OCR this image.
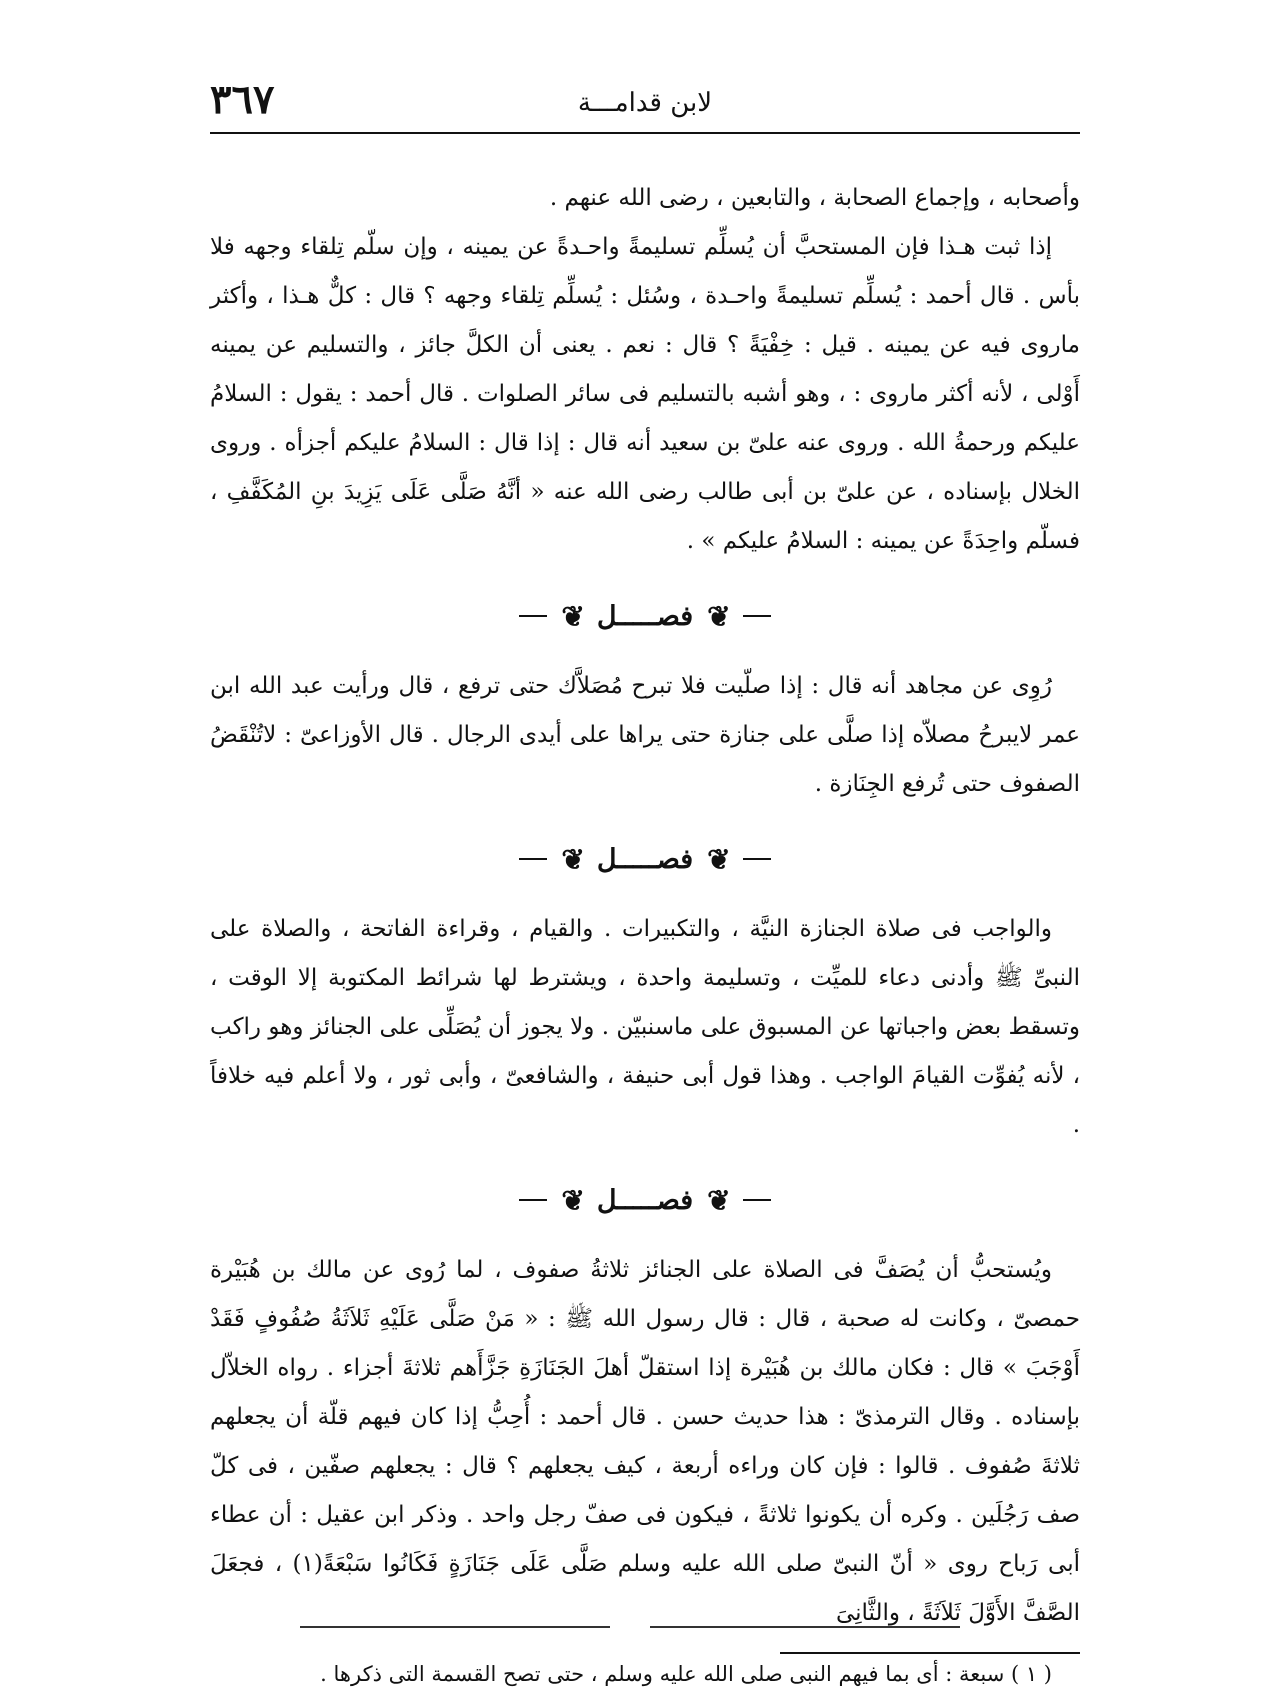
لابن قدامـــة
٣٦٧

وأصحابه ، وإجماع الصحابة ، والتابعين ، رضى الله عنهم .

إذا ثبت هـذا فإن المستحبَّ أن يُسلِّم تسليمةً واحـدةً عن يمينه ، وإن سلّم تِلقاء وجهه فلا بأس . قال أحمد : يُسلِّم تسليمةً واحـدة ، وسُئل : يُسلِّم تِلقاء وجهه ؟ قال : كلٌّ هـذا ، وأكثر ماروى فيه عن يمينه . قيل : خِفْيَةً ؟ قال : نعم . يعنى أن الكلَّ جائز ، والتسليم عن يمينه أَوْلى ، لأنه أكثر ماروى : ، وهو أشبه بالتسليم فى سائر الصلوات . قال أحمد : يقول : السلامُ عليكم ورحمةُ الله . وروى عنه علىّ بن سعيد أنه قال : إذا قال : السلامُ عليكم أجزأه . وروى الخلال بإسناده ، عن علىّ بن أبى طالب رضى الله عنه « أنَّهُ صَلَّى عَلَى يَزِيدَ بنِ المُكَفَّفِ ، فسلّم واحِدَةً عن يمينه : السلامُ عليكم » .

❦
فصـــــل
❦

رُوِى عن مجاهد أنه قال : إذا صلّيت فلا تبرح مُصَلاَّك حتى ترفع ، قال ورأيت عبد الله ابن عمر لايبرحُ مصلاّه إذا صلَّى على جنازة حتى يراها على أيدى الرجال . قال الأوزاعىّ : لاتُنْقَضُ الصفوف حتى تُرفع الجِنَازة .

❦
فصـــــل
❦

والواجب فى صلاة الجنازة النيَّة ، والتكبيرات . والقيام ، وقراءة الفاتحة ، والصلاة على النبىِّ ﷺ وأدنى دعاء للميِّت ، وتسليمة واحدة ، ويشترط لها شرائط المكتوبة إلا الوقت ، وتسقط بعض واجباتها عن المسبوق على ماسنبيّن . ولا يجوز أن يُصَلِّى على الجنائز وهو راكب ، لأنه يُفوِّت القيامَ الواجب . وهذا قول أبى حنيفة ، والشافعىّ ، وأبى ثور ، ولا أعلم فيه خلافاً .

❦
فصـــــل
❦

ويُستحبُّ أن يُصَفَّ فى الصلاة على الجنائز ثلاثةُ صفوف ، لما رُوى عن مالك بن هُبَيْرة حمصىّ ، وكانت له صحبة ، قال : قال رسول الله ﷺ : « مَنْ صَلَّى عَلَيْهِ ثَلاَثَةُ صُفُوفٍ فَقَدْ أَوْجَبَ » قال : فكان مالك بن هُبَيْرة إذا استقلّ أهلَ الجَنَازَةِ جَزَّأَهم ثلاثةَ أجزاء . رواه الخلاّل بإسناده . وقال الترمذىّ : هذا حديث حسن . قال أحمد : أُحِبُّ إذا كان فيهم قلّة أن يجعلهم ثلاثةَ صُفوف . قالوا : فإن كان وراءه أربعة ، كيف يجعلهم ؟ قال : يجعلهم صفّين ، فى كلّ صف رَجُلَين . وكره أن يكونوا ثلاثةً ، فيكون فى صفّ رجل واحد . وذكر ابن عقيل : أن عطاء أبى رَباح روى « أنّ النبىّ صلى الله عليه وسلم صَلَّى عَلَى جَنَازَةٍ فَكَانُوا سَبْعَةً(١) ، فجعَلَ الصَّفَّ الأَوَّلَ ثَلاَثَةً ، والثَّانِىَ

( ١ ) سبعة : أى بما فيهم النبى صلى الله عليه وسلم ، حتى تصح القسمة التى ذكرها .
